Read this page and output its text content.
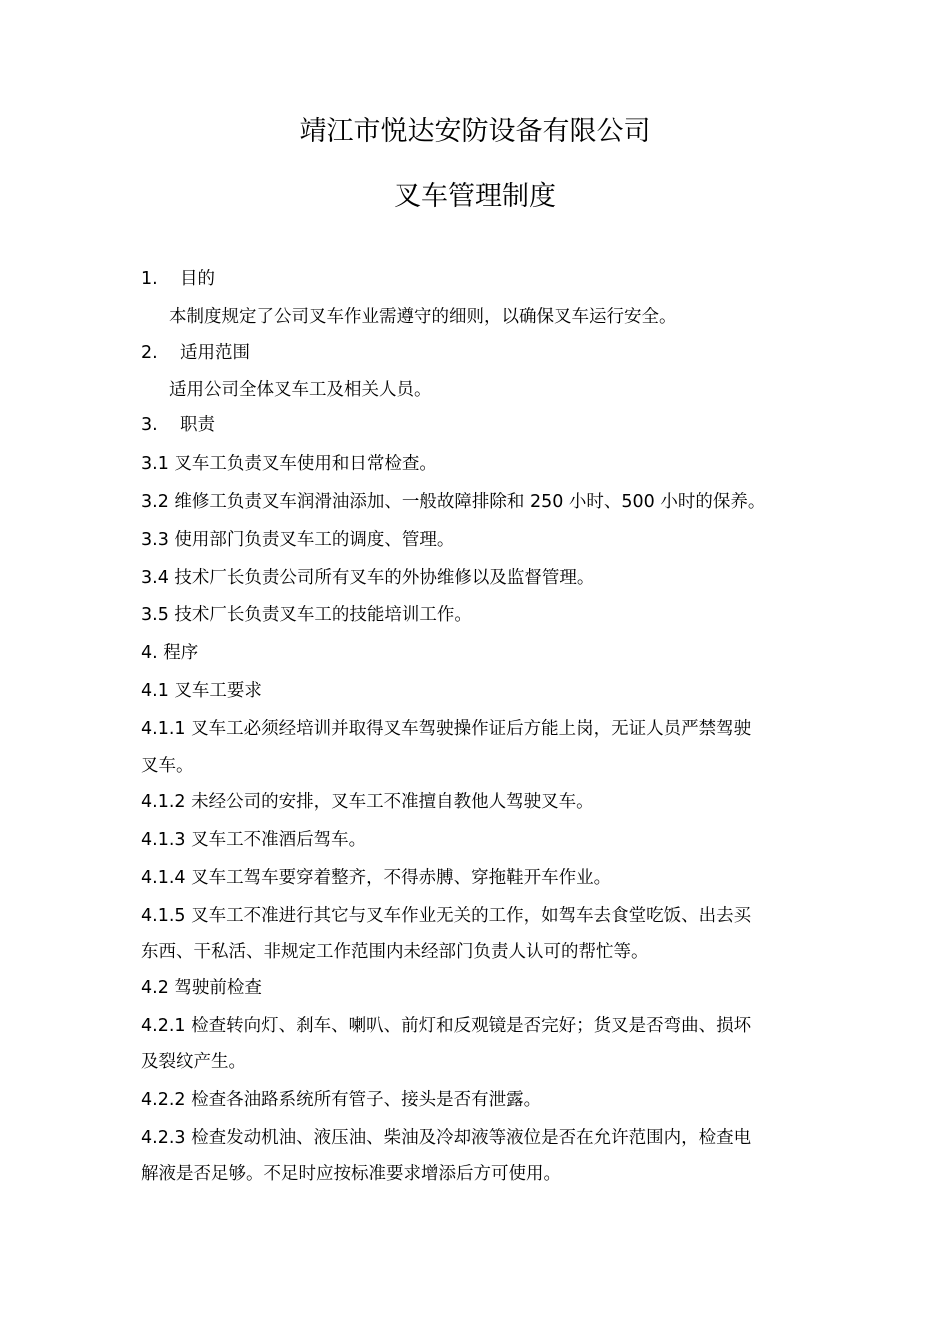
靖江市悦达安防设备有限公司
叉车管理制度
1. 目的
本制度规定了公司叉车作业需遵守的细则，以确保叉车运行安全。
2. 适用范围
适用公司全体叉车工及相关人员。
3. 职责
3.1 叉车工负责叉车使用和日常检查。
3.2 维修工负责叉车润滑油添加、一般故障排除和 250 小时、500 小时的保养。
3.3 使用部门负责叉车工的调度、管理。
3.4 技术厂长负责公司所有叉车的外协维修以及监督管理。
3.5 技术厂长负责叉车工的技能培训工作。
4. 程序
4.1 叉车工要求
4.1.1 叉车工必须经培训并取得叉车驾驶操作证后方能上岗，无证人员严禁驾驶
叉车。
4.1.2 未经公司的安排，叉车工不准擅自教他人驾驶叉车。
4.1.3 叉车工不准酒后驾车。
4.1.4 叉车工驾车要穿着整齐，不得赤膊、穿拖鞋开车作业。
4.1.5 叉车工不准进行其它与叉车作业无关的工作，如驾车去食堂吃饭、出去买
东西、干私活、非规定工作范围内未经部门负责人认可的帮忙等。
4.2 驾驶前检查
4.2.1 检查转向灯、刹车、喇叭、前灯和反观镜是否完好；货叉是否弯曲、损坏
及裂纹产生。
4.2.2 检查各油路系统所有管子、接头是否有泄露。
4.2.3 检查发动机油、液压油、柴油及冷却液等液位是否在允许范围内，检查电
解液是否足够。不足时应按标准要求增添后方可使用。
